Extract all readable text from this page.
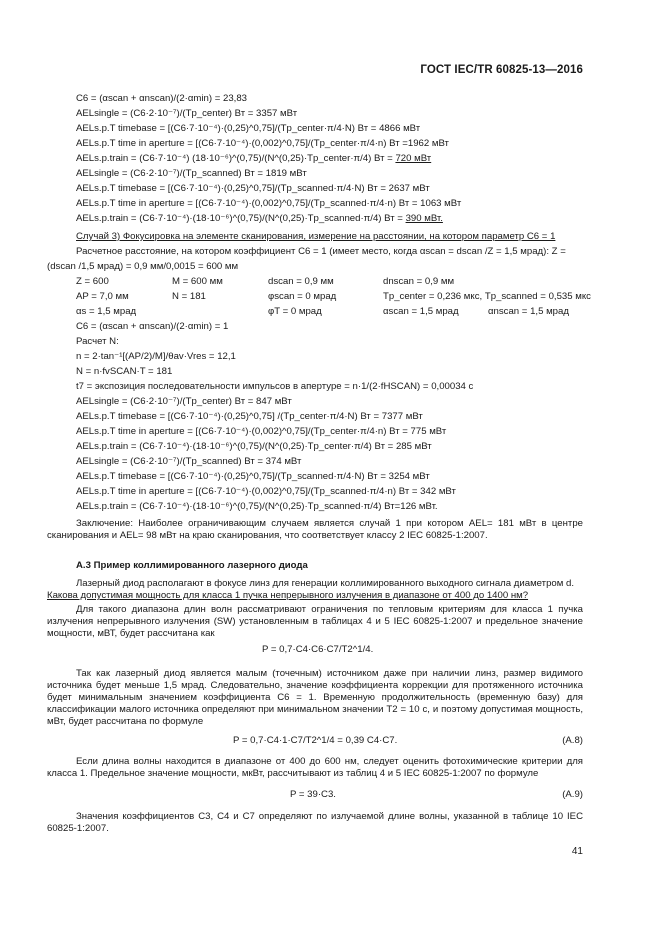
ГОСТ IEC/TR 60825-13—2016
C6 = (αscan + αnscan)/(2·αmin) = 23,83
AELsingle = (C6·2·10⁻⁷)/(Tp_center) Вт = 3357 мВт
AELs.p.T timebase = [(C6·7·10⁻⁴)·(0,25)^0,75]/(Tp_center·π/4·N) Вт = 4866 мВт
AELs.p.T time in aperture = [(C6·7·10⁻⁴)·(0,002)^0,75]/(Tp_center·π/4·n) Вт =1962 мВт
AELs.p.train = (C6·7·10⁻⁴) (18·10⁻⁶)^(0,75)/(N^(0,25)·Tp_center·π/4) Вт = 720 мВт
AELsingle = (C6·2·10⁻⁷)/(Tp_scanned) Вт = 1819 мВт
AELs.p.T timebase = [(C6·7·10⁻⁴)·(0,25)^0,75]/(Tp_scanned·π/4·N) Вт = 2637 мВт
AELs.p.T time in aperture = [(C6·7·10⁻⁴)·(0,002)^0,75]/(Tp_scanned·π/4·n) Вт = 1063 мВт
AELs.p.train = (C6·7·10⁻⁴)·(18·10⁻⁶)^(0,75)/(N^(0,25)·Tp_scanned·π/4) Вт = 390 мВт.
Случай 3) Фокусировка на элементе сканирования, измерение на расстоянии, на котором параметр C6 = 1
Расчетное расстояние, на котором коэффициент C6 = 1 (имеет место, когда αscan = dscan /Z = 1,5 мрад): Z =
(dscan /1,5 мрад) = 0,9 мм/0,0015 = 600 мм
Z = 600	M = 600 мм	dscan = 0,9 мм	dnscan = 0,9 мм
AP = 7,0 мм	N = 181	φscan = 0 мрад	Tp_center = 0,236 мкс, Tp_scanned = 0,535 мкс
αs = 1,5 мрад	φT = 0 мрад	αscan = 1,5 мрад	αnscan = 1,5 мрад
C6 = (αscan + αnscan)/(2·αmin) = 1
Расчет N:
n = 2·tan⁻¹[(AP/2)/M]/θav·Vres = 12,1
N = n·fvSCAN·T = 181
t7 = экспозиция последовательности импульсов в апертуре = n·1/(2·fHSCAN) = 0,00034 с
AELsingle = (C6·2·10⁻⁷)/(Tp_center) Вт = 847 мВт
AELs.p.T timebase = [(C6·7·10⁻⁴)·(0,25)^0,75] /(Tp_center·π/4·N) Вт = 7377 мВт
AELs.p.T time in aperture = [(C6·7·10⁻⁴)·(0,002)^0,75]/(Tp_center·π/4·n) Вт = 775 мВт
AELs.p.train = (C6·7·10⁻⁴)·(18·10⁻⁶)^(0,75)/(N^(0,25)·Tp_center·π/4) Вт = 285 мВт
AELsingle = (C6·2·10⁻⁷)/(Tp_scanned) Вт = 374 мВт
AELs.p.T timebase = [(C6·7·10⁻⁴)·(0,25)^0,75]/(Tp_scanned·π/4·N) Вт = 3254 мВт
AELs.p.T time in aperture = [(C6·7·10⁻⁴)·(0,002)^0,75]/(Tp_scanned·π/4·n) Вт = 342 мВт
AELs.p.train = (C6·7·10⁻⁴)·(18·10⁻⁶)^(0,75)/(N^(0,25)·Tp_scanned·π/4) Вт=126 мВт.
Заключение: Наиболее ограничивающим случаем является случай 1 при котором AEL= 181 мВт в центре сканирования и AEL= 98 мВт на краю сканирования, что соответствует классу 2 IEC 60825-1:2007.
А.3 Пример коллимированного лазерного диода
Лазерный диод располагают в фокусе линз для генерации коллимированного выходного сигнала диаметром d.
Какова допустимая мощность для класса 1 пучка непрерывного излучения в диапазоне от 400 до 1400 нм?
Для такого диапазона длин волн рассматривают ограничения по тепловым критериям для класса 1 пучка излучения непрерывного излучения (SW) установленным в таблицах 4 и 5 IEC 60825-1:2007 и предельное значение мощности, мВТ, будет рассчитана как
P = 0,7·C4·C6·C7/T2^1/4.
Так как лазерный диод является малым (точечным) источником даже при наличии линз, размер видимого источника будет меньше 1,5 мрад. Следовательно, значение коэффициента коррекции для протяженного источника будет минимальным значением коэффициента C6 = 1. Временную продолжительность (временную базу) для классификации малого источника определяют при минимальном значении T2 = 10 с, и поэтому допустимая мощность, мВт, будет рассчитана по формуле
P = 0,7·C4·1·C7/T2^1/4 = 0,39 C4·C7.	(А.8)
Если длина волны находится в диапазоне от 400 до 600 нм, следует оценить фотохимические критерии для класса 1. Предельное значение мощности, мкВт, рассчитывают из таблиц 4 и 5 IEC 60825-1:2007 по формуле
P = 39·C3.	(А.9)
Значения коэффициентов C3, C4 и C7 определяют по излучаемой длине волны, указанной в таблице 10 IEC 60825-1:2007.
41
